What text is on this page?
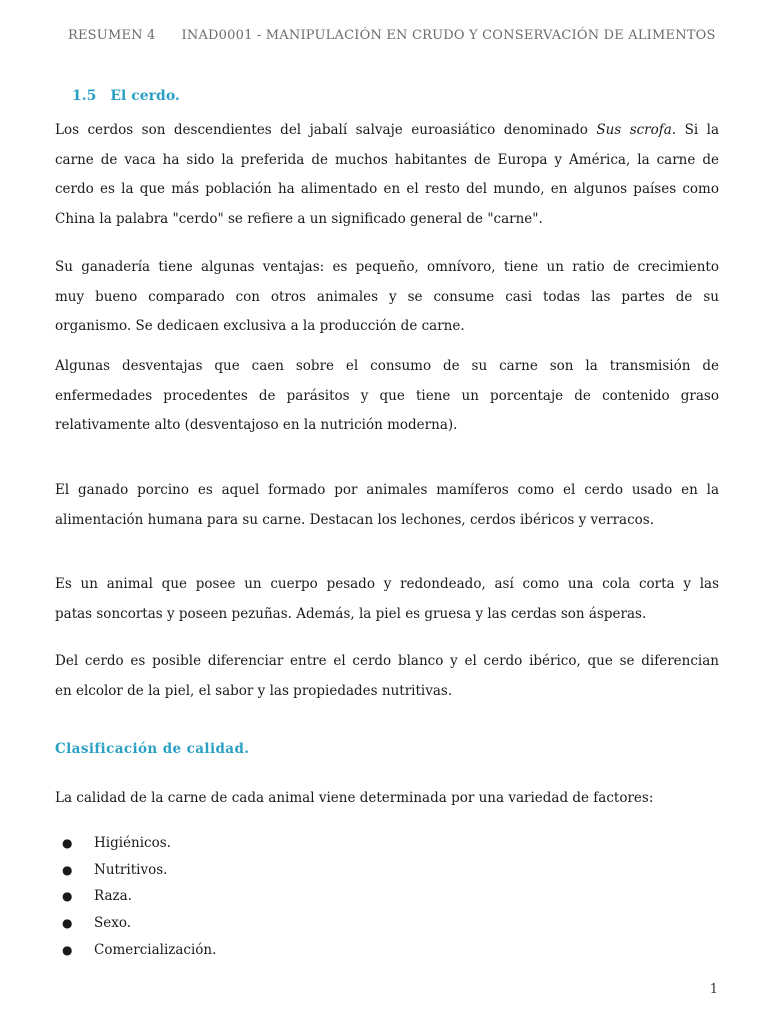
RESUMEN 4 INAD0001 - MANIPULACIÓN EN CRUDO Y CONSERVACIÓN DE ALIMENTOS
1.5 El cerdo.

Los cerdos son descendientes del jabalí salvaje euroasiático denominado Sus scrofa. Si la
carne de vaca ha sido la preferida de muchos habitantes de Europa y América, la carne de
cerdo es la que más población ha alimentado en el resto del mundo, en algunos países como
China la palabra "cerdo" se refiere a un significado general de "carne".

Su ganadería tiene algunas ventajas: es pequeño, omnívoro, tiene un ratio de crecimiento
muy bueno comparado con otros animales y se consume casi todas las partes de su
organismo. Se dedicaen exclusiva a la producción de carne.

Algunas desventajas que caen sobre el consumo de su carne son la transmisión de
enfermedades procedentes de parásitos y que tiene un porcentaje de contenido graso
relativamente alto (desventajoso en la nutrición moderna).

El ganado porcino es aquel formado por animales mamíferos como el cerdo usado en la
alimentación humana para su carne. Destacan los lechones, cerdos ibéricos y verracos.

Es un animal que posee un cuerpo pesado y redondeado, así como una cola corta y las
patas soncortas y poseen pezuñas. Además, la piel es gruesa y las cerdas son ásperas.

Del cerdo es posible diferenciar entre el cerdo blanco y el cerdo ibérico, que se diferencian
en elcolor de la piel, el sabor y las propiedades nutritivas.

Clasificación de calidad.
La calidad de la carne de cada animal viene determinada por una variedad de factores:
●	Higiénicos.
●	Nutritivos.
●	Raza.
●	Sexo.
●	Comercialización.
1
